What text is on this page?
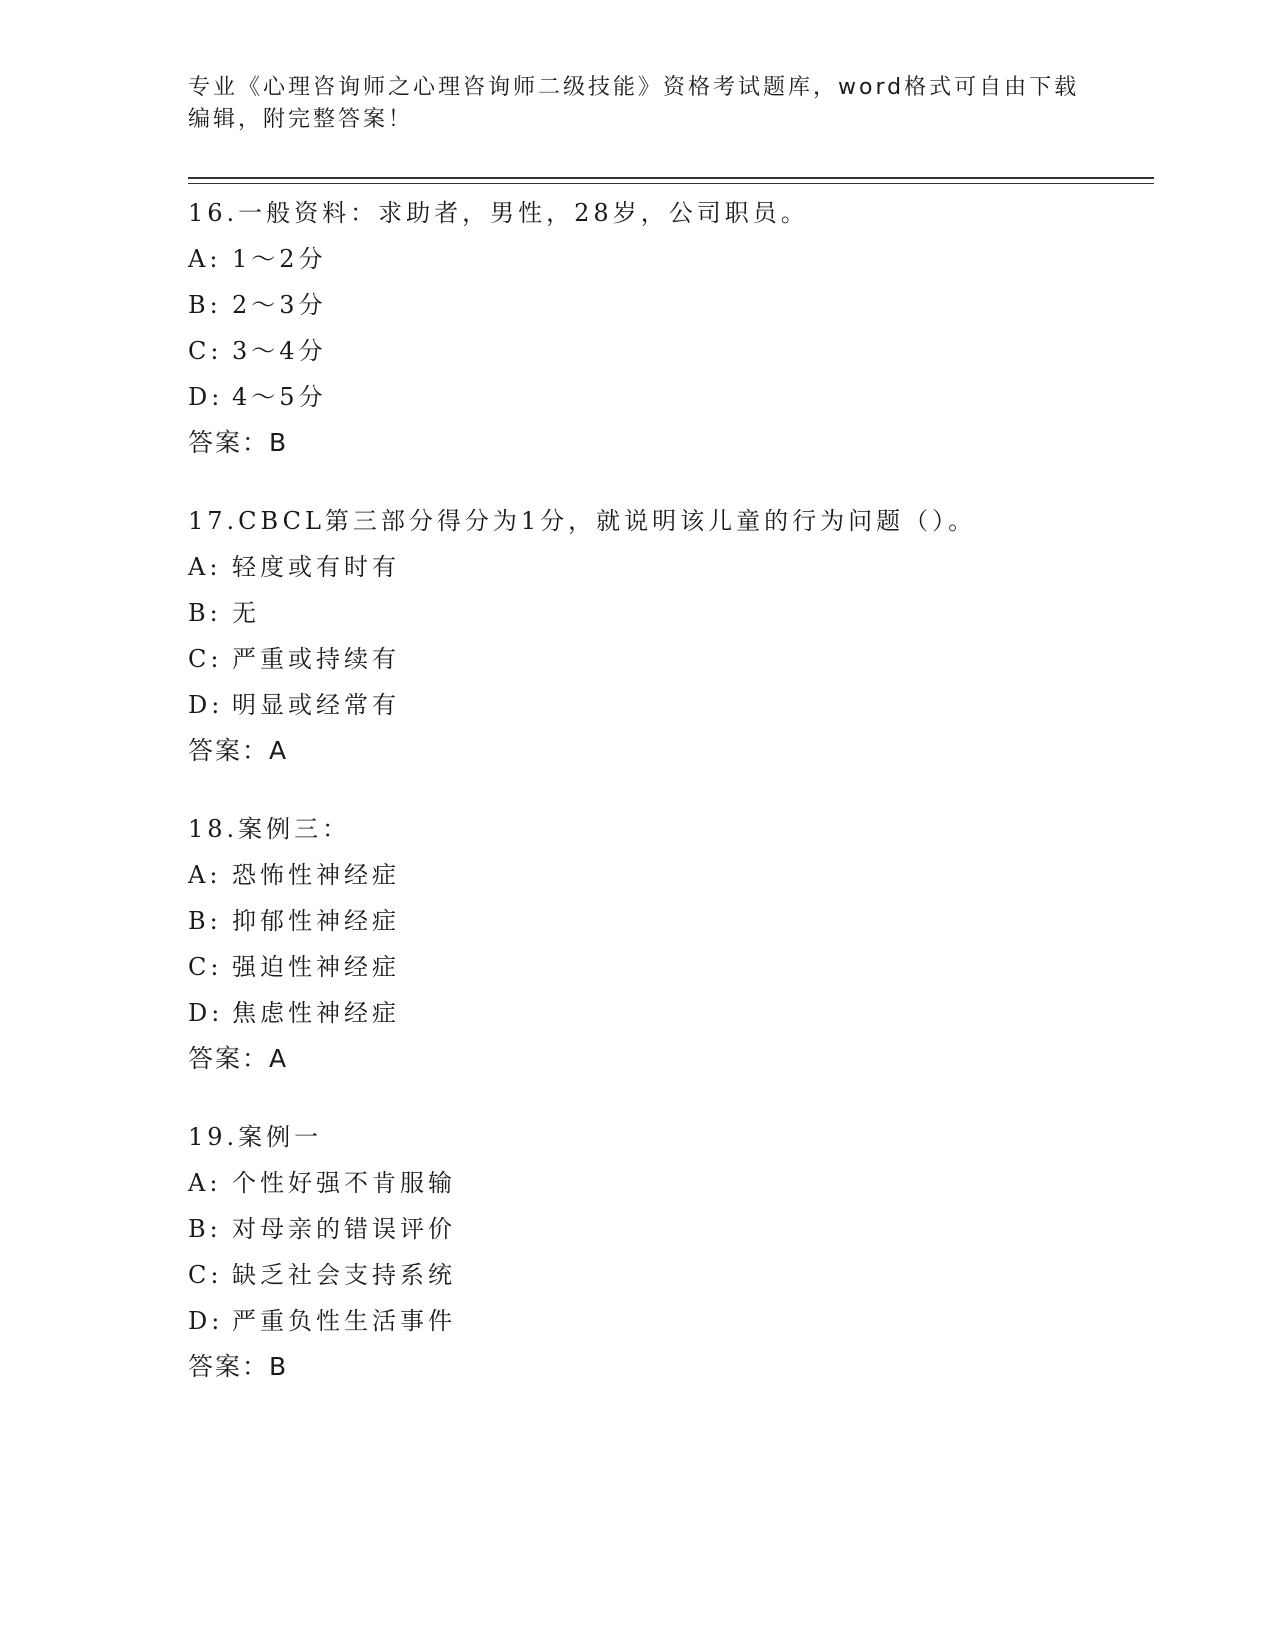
专业《心理咨询师之心理咨询师二级技能》资格考试题库，word格式可自由下载
编辑，附完整答案！
16.一般资料：求助者，男性，28岁，公司职员。
A: 1～2分
B: 2～3分
C: 3～4分
D: 4～5分
答案：B
17.CBCL第三部分得分为1分，就说明该儿童的行为问题（）。
A: 轻度或有时有
B: 无
C: 严重或持续有
D: 明显或经常有
答案：A
18.案例三：
A: 恐怖性神经症
B: 抑郁性神经症
C: 强迫性神经症
D: 焦虑性神经症
答案：A
19.案例一
A: 个性好强不肯服输
B: 对母亲的错误评价
C: 缺乏社会支持系统
D: 严重负性生活事件
答案：B
